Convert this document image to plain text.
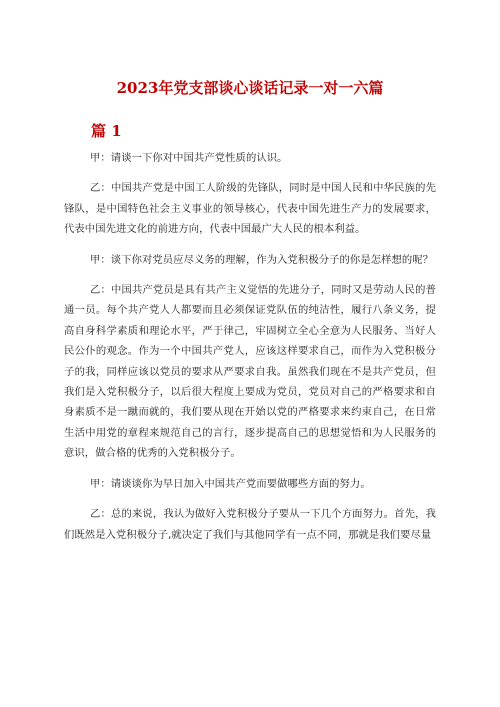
2023年党支部谈心谈话记录一对一六篇
篇 1

甲：请谈一下你对中国共产党性质的认识。

乙：中国共产党是中国工人阶级的先锋队，同时是中国人民和中华民族的先锋队，是中国特色社会主义事业的领导核心，代表中国先进生产力的发展要求，代表中国先进文化的前进方向，代表中国最广大人民的根本利益。

甲：谈下你对党员应尽义务的理解，作为入党积极分子的你是怎样想的呢？

乙：中国共产党员是具有共产主义觉悟的先进分子，同时又是劳动人民的普通一员。每个共产党人人都要而且必须保证党队伍的纯洁性，履行八条义务，提高自身科学素质和理论水平，严于律己，牢固树立全心全意为人民服务、当好人民公仆的观念。作为一个中国共产党人，应该这样要求自己，而作为入党积极分子的我，同样应该以党员的要求从严要求自我。虽然我们现在不是共产党员，但我们是入党积极分子，以后很大程度上要成为党员，党员对自己的严格要求和自身素质不是一蹴而就的，我们要从现在开始以党的严格要求来约束自己，在日常生活中用党的章程来规范自己的言行，逐步提高自己的思想觉悟和为人民服务的意识，做合格的优秀的入党积极分子。

甲：请谈谈你为早日加入中国共产党而要做哪些方面的努力。

乙：总的来说，我认为做好入党积极分子要从一下几个方面努力。首先，我们既然是入党积极分子,就决定了我们与其他同学有一点不同，那就是我们要尽量
